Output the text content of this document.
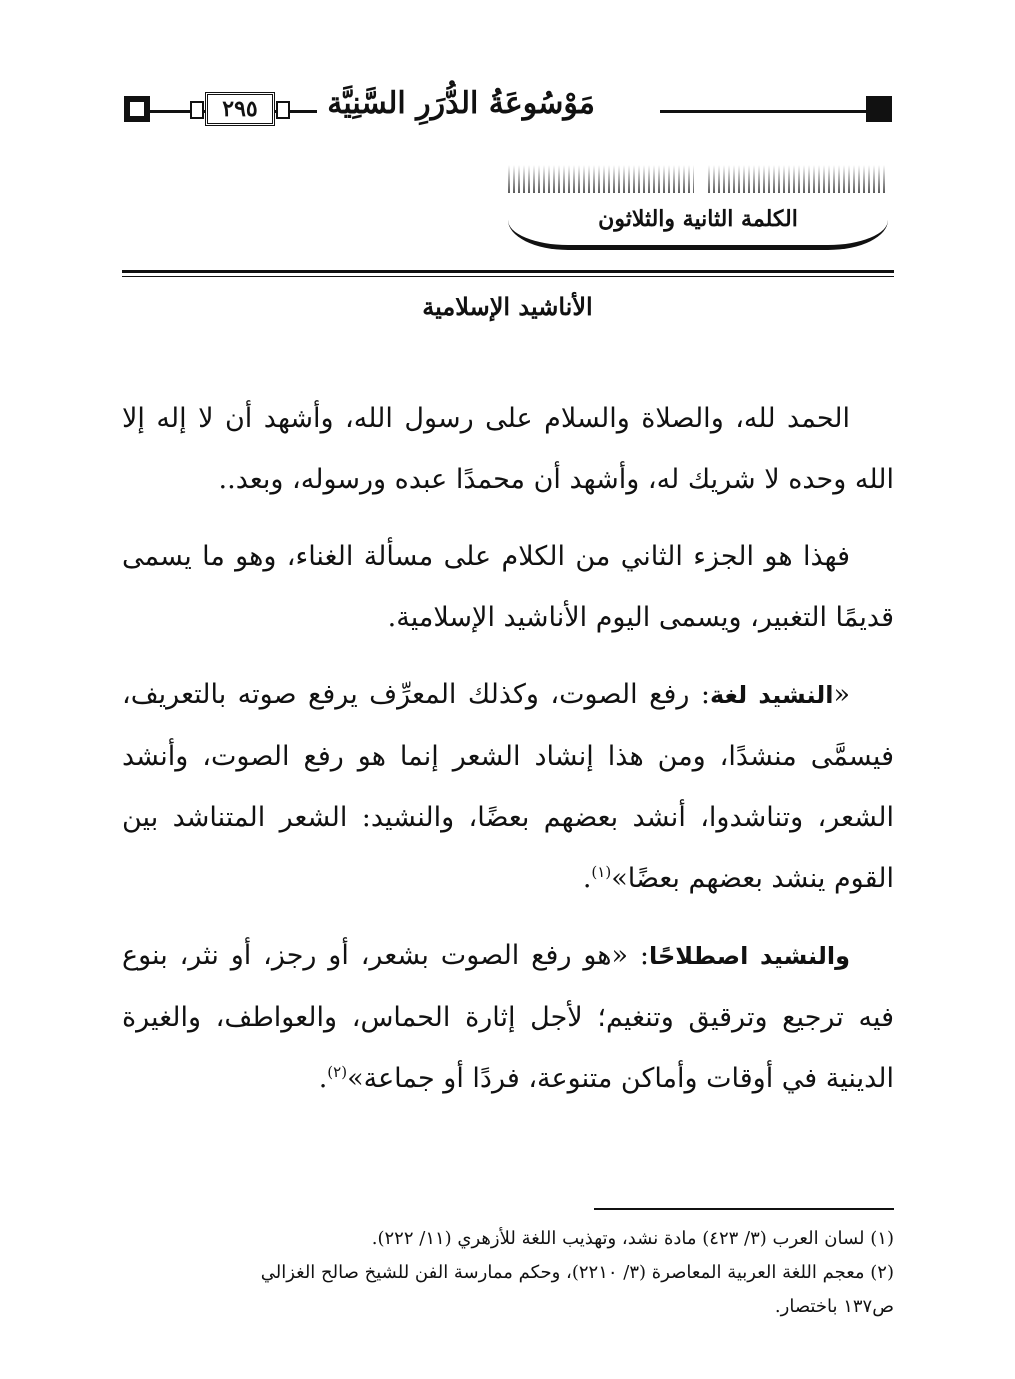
٢٩٥	مَوْسُوعَةُ الدُّرَرِ السَّنِيَّة
الكلمة الثانية والثلاثون
الأناشيد الإسلامية

الحمد لله، والصلاة والسلام على رسول الله، وأشهد أن لا إله إلا الله وحده لا شريك له، وأشهد أن محمدًا عبده ورسوله، وبعد..

فهذا هو الجزء الثاني من الكلام على مسألة الغناء، وهو ما يسمى قديمًا التغبير، ويسمى اليوم الأناشيد الإسلامية.

«النشيد لغة: رفع الصوت، وكذلك المعرِّف يرفع صوته بالتعريف، فيسمَّى منشدًا، ومن هذا إنشاد الشعر إنما هو رفع الصوت، وأنشد الشعر، وتناشدوا، أنشد بعضهم بعضًا، والنشيد: الشعر المتناشد بين القوم ينشد بعضهم بعضًا»$^{(١)}$.

والنشيد اصطلاحًا: «هو رفع الصوت بشعر، أو رجز، أو نثر، بنوع فيه ترجيع وترقيق وتنغيم؛ لأجل إثارة الحماس، والعواطف، والغيرة الدينية في أوقات وأماكن متنوعة، فردًا أو جماعة»$^{(٢)}$.

(١) لسان العرب (٣/ ٤٢٣) مادة نشد، وتهذيب اللغة للأزهري (١١/ ٢٢٢).

(٢) معجم اللغة العربية المعاصرة (٣/ ٢٢١٠)، وحكم ممارسة الفن للشيخ صالح الغزالي

ص١٣٧ باختصار.
